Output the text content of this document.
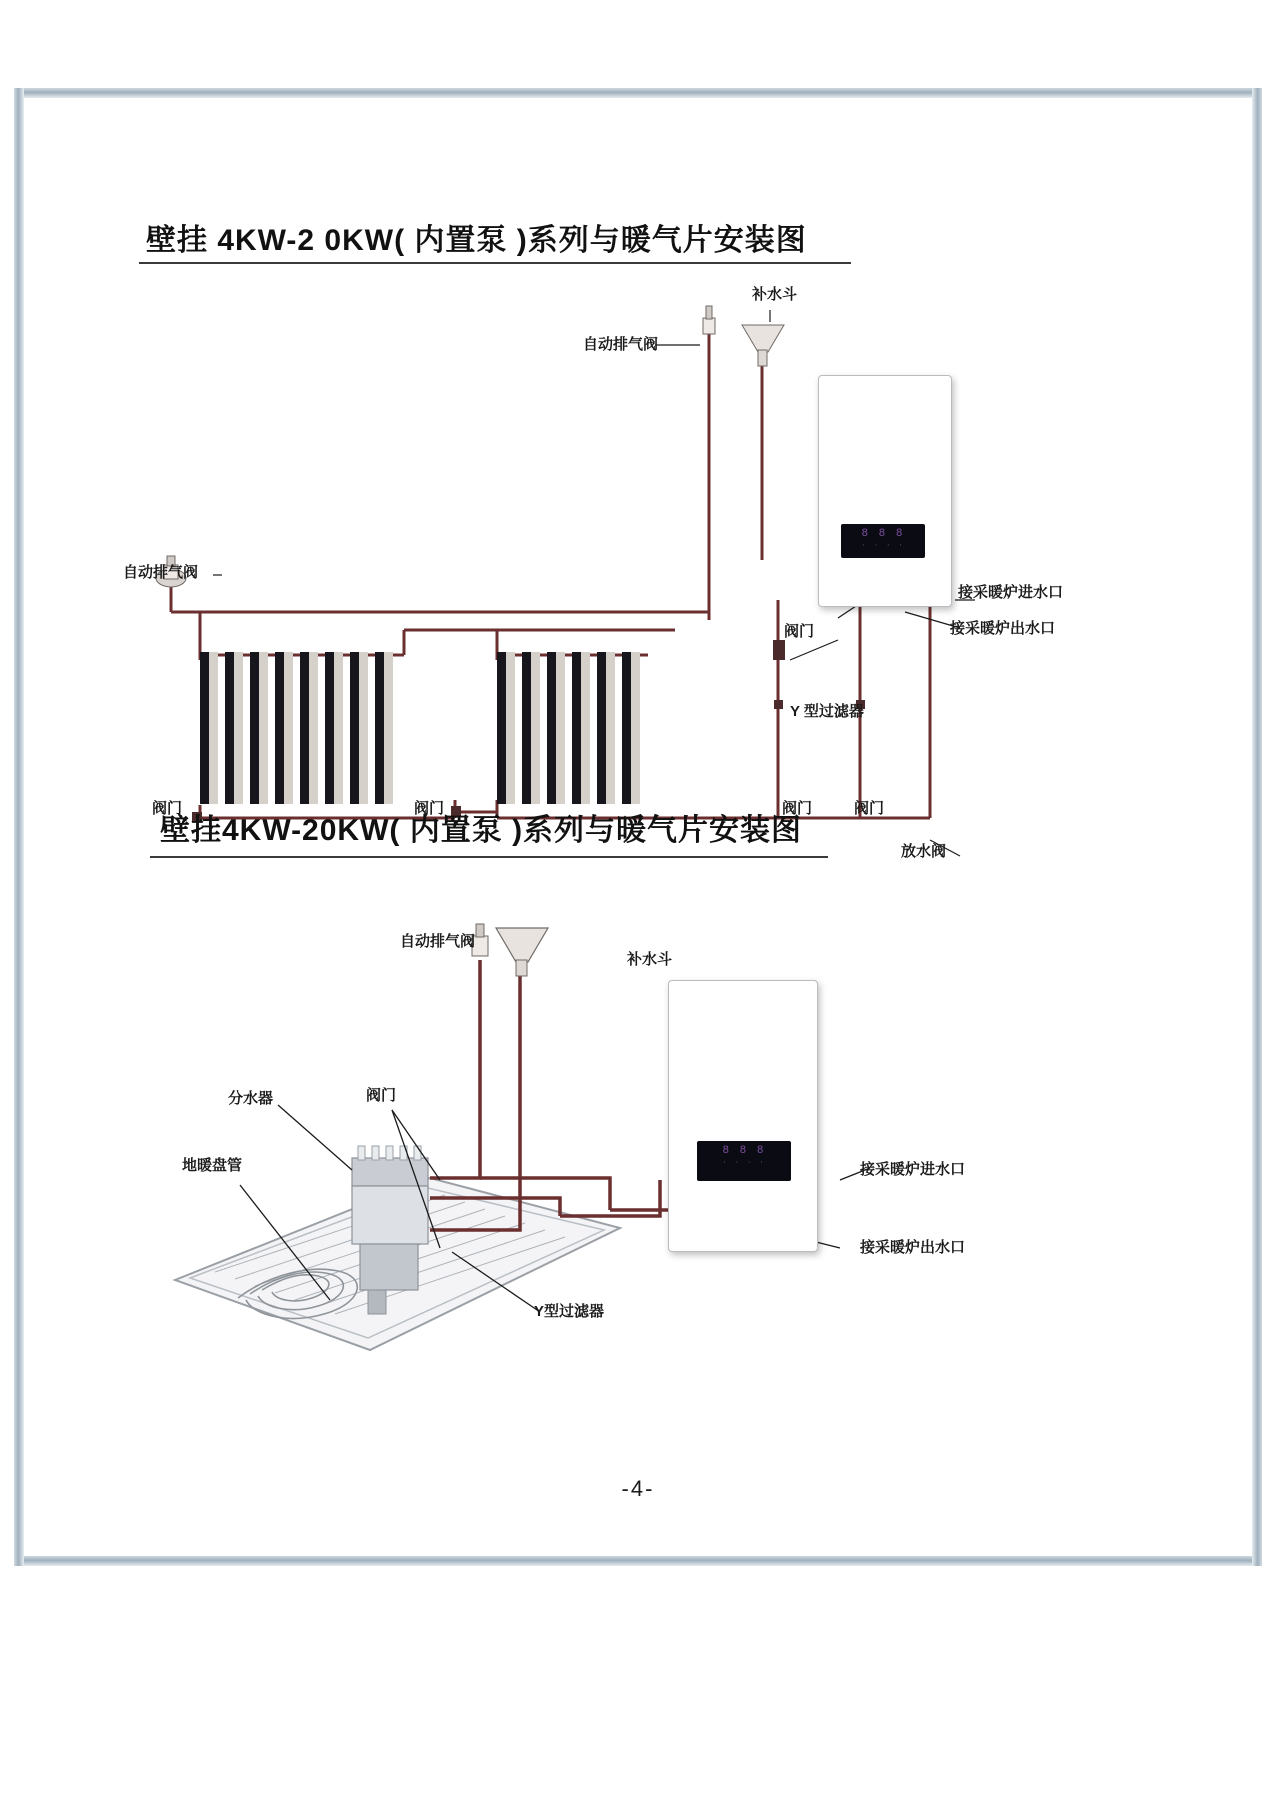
壁挂 4KW-2 0KW( 内置泵 )系列与暖气片安装图
8 8 8
· · · ·
自动排气阀
补水斗
自动排气阀
接采暖炉进水口
接采暖炉出水口
阀门
Y 型过滤器
阀门	阀门	阀门	阀门
放水阀
壁挂4KW-20KW( 内置泵 )系列与暖气片安装图
8 8 8
· · · ·
自动排气阀
补水斗
分水器	阀门
地暖盘管
Y型过滤器
接采暖炉进水口
接采暖炉出水口
-4-
